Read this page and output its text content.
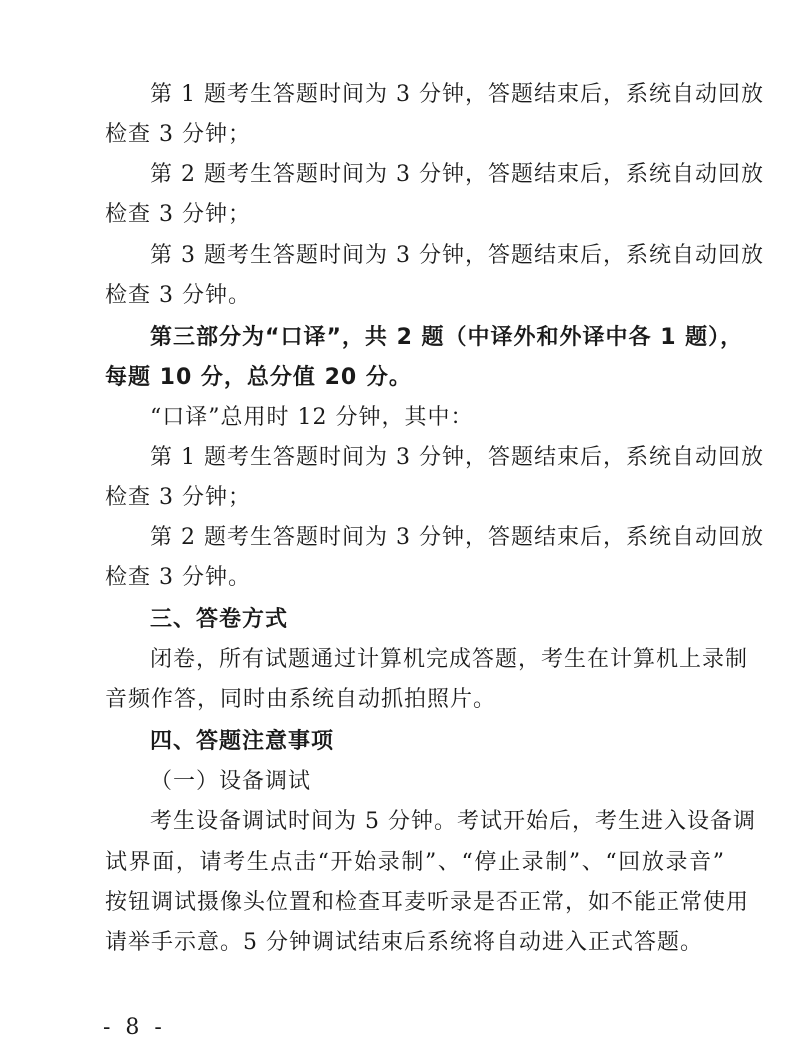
第 1 题考生答题时间为 3 分钟，答题结束后，系统自动回放
检查 3 分钟；
第 2 题考生答题时间为 3 分钟，答题结束后，系统自动回放
检查 3 分钟；
第 3 题考生答题时间为 3 分钟，答题结束后，系统自动回放
检查 3 分钟。
第三部分为“口译”，共 2 题（中译外和外译中各 1 题），
每题 10 分，总分值 20 分。
“口译”总用时 12 分钟，其中：
第 1 题考生答题时间为 3 分钟，答题结束后，系统自动回放
检查 3 分钟；
第 2 题考生答题时间为 3 分钟，答题结束后，系统自动回放
检查 3 分钟。
三、答卷方式
闭卷，所有试题通过计算机完成答题，考生在计算机上录制
音频作答，同时由系统自动抓拍照片。
四、答题注意事项
（一）设备调试
考生设备调试时间为 5 分钟。考试开始后，考生进入设备调
试界面，请考生点击“开始录制”、“停止录制”、“回放录音”
按钮调试摄像头位置和检查耳麦听录是否正常，如不能正常使用
请举手示意。5 分钟调试结束后系统将自动进入正式答题。
- 8 -
